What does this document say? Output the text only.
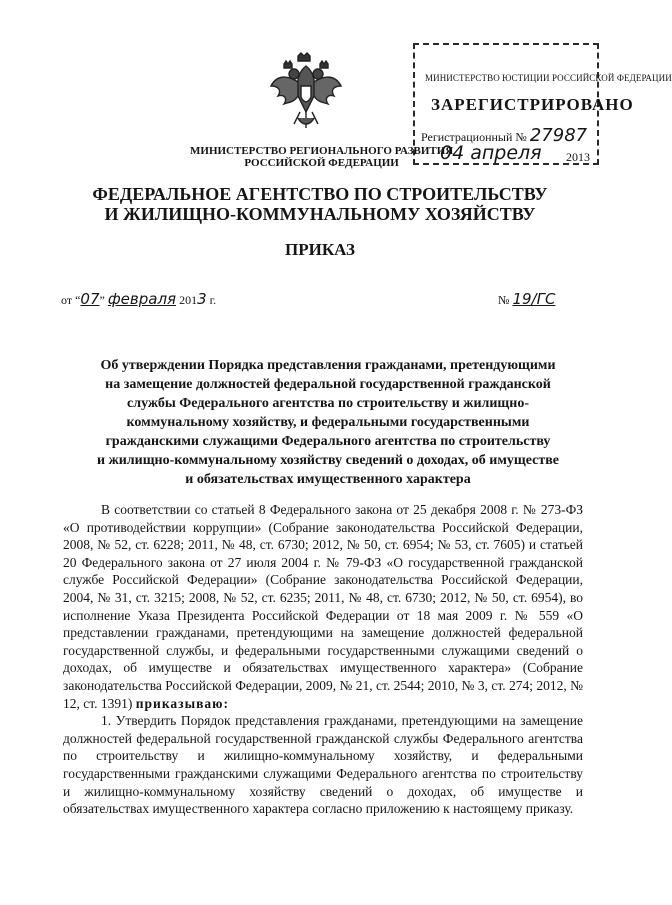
МИНИСТЕРСТВО ЮСТИЦИИ РОССИЙСКОЙ ФЕДЕРАЦИИ
ЗАРЕГИСТРИРОВАНО
Регистрационный № 27987
04 апреля 2013
МИНИСТЕРСТВО РЕГИОНАЛЬНОГО РАЗВИТИЯ
РОССИЙСКОЙ ФЕДЕРАЦИИ
ФЕДЕРАЛЬНОЕ АГЕНТСТВО ПО СТРОИТЕЛЬСТВУ
И ЖИЛИЩНО-КОММУНАЛЬНОМУ ХОЗЯЙСТВУ
ПРИКАЗ
от “07” февраля 2013 г.	№ 19/ГС
Об утверждении Порядка представления гражданами, претендующими
на замещение должностей федеральной государственной гражданской
службы Федерального агентства по строительству и жилищно-
коммунальному хозяйству, и федеральными государственными
гражданскими служащими Федерального агентства по строительству
и жилищно-коммунальному хозяйству сведений о доходах, об имуществе
и обязательствах имущественного характера

В соответствии со статьей 8 Федерального закона от 25 декабря 2008 г. № 273-ФЗ «О противодействии коррупции» (Собрание законодательства Российской Федерации, 2008, № 52, ст. 6228; 2011, № 48, ст. 6730; 2012, № 50, ст. 6954; № 53, ст. 7605) и статьей 20 Федерального закона от 27 июля 2004 г. № 79-ФЗ «О государственной гражданской службе Российской Федерации» (Собрание законодательства Российской Федерации, 2004, № 31, ст. 3215; 2008, № 52, ст. 6235; 2011, № 48, ст. 6730; 2012, № 50, ст. 6954), во исполнение Указа Президента Российской Федерации от 18 мая 2009 г. № 559 «О представлении гражданами, претендующими на замещение должностей федеральной государственной службы, и федеральными государственными служащими сведений о доходах, об имуществе и обязательствах имущественного характера» (Собрание законодательства Российской Федерации, 2009, № 21, ст. 2544; 2010, № 3, ст. 274; 2012, № 12, ст. 1391) приказываю:

1. Утвердить Порядок представления гражданами, претендующими на замещение должностей федеральной государственной гражданской службы Федерального агентства по строительству и жилищно-коммунальному хозяйству, и федеральными государственными гражданскими служащими Федерального агентства по строительству и жилищно-коммунальному хозяйству сведений о доходах, об имуществе и обязательствах имущественного характера согласно приложению к настоящему приказу.
